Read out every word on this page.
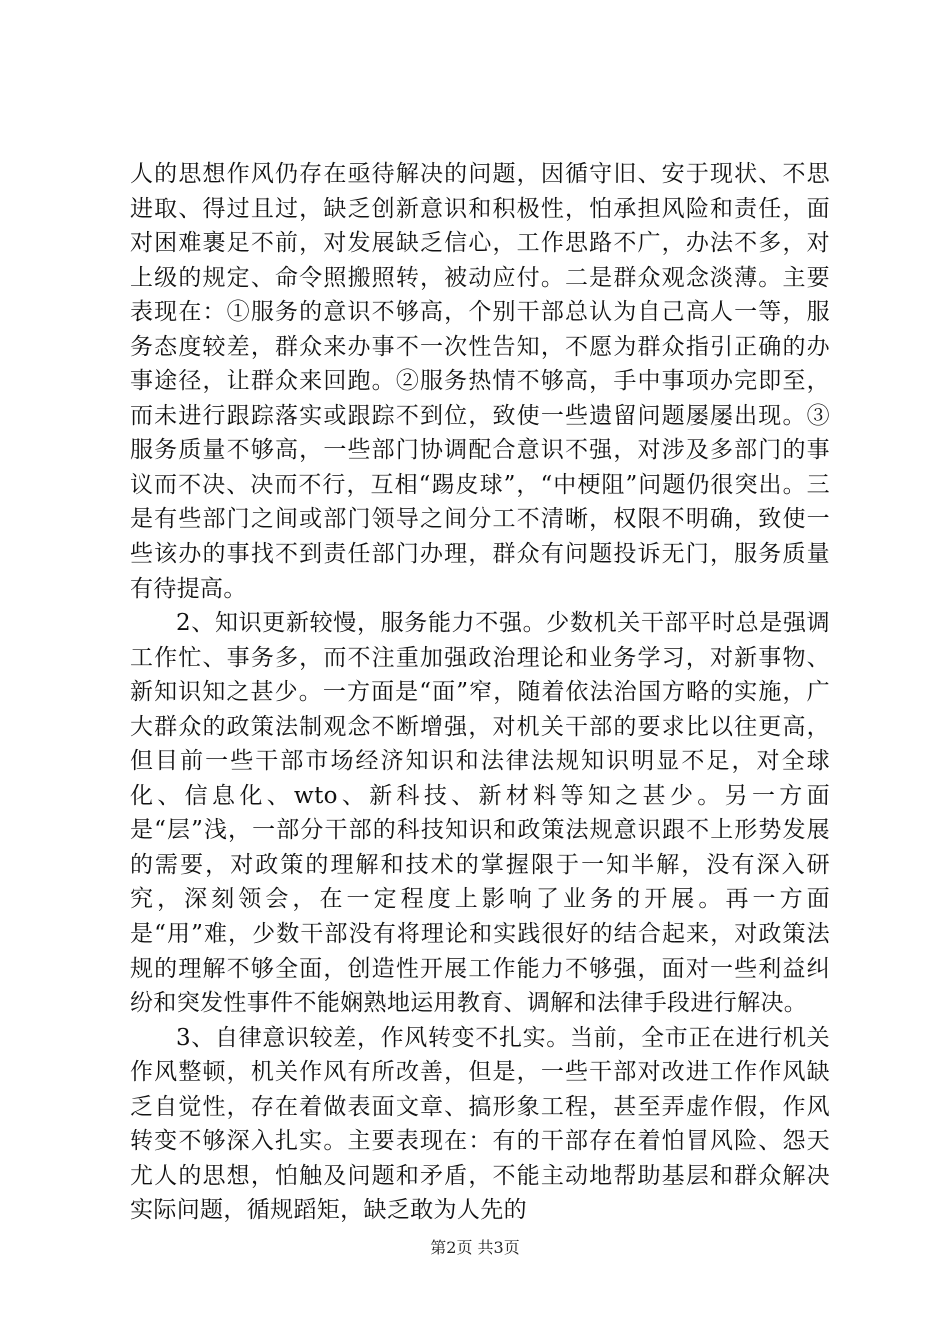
人的思想作风仍存在亟待解决的问题，因循守旧、安于现状、不思进取、得过且过，缺乏创新意识和积极性，怕承担风险和责任，面对困难裹足不前，对发展缺乏信心，工作思路不广，办法不多，对上级的规定、命令照搬照转，被动应付。二是群众观念淡薄。主要表现在：①服务的意识不够高，个别干部总认为自己高人一等，服务态度较差，群众来办事不一次性告知，不愿为群众指引正确的办事途径，让群众来回跑。②服务热情不够高，手中事项办完即至，而未进行跟踪落实或跟踪不到位，致使一些遗留问题屡屡出现。③服务质量不够高，一些部门协调配合意识不强，对涉及多部门的事议而不决、决而不行，互相“踢皮球”，“中梗阻”问题仍很突出。三是有些部门之间或部门领导之间分工不清晰，权限不明确，致使一些该办的事找不到责任部门办理，群众有问题投诉无门，服务质量有待提高。

2、知识更新较慢，服务能力不强。少数机关干部平时总是强调工作忙、事务多，而不注重加强政治理论和业务学习，对新事物、新知识知之甚少。一方面是“面”窄，随着依法治国方略的实施，广大群众的政策法制观念不断增强，对机关干部的要求比以往更高，但目前一些干部市场经济知识和法律法规知识明显不足，对全球化、信息化、wto、新科技、新材料等知之甚少。另一方面是“层”浅，一部分干部的科技知识和政策法规意识跟不上形势发展的需要，对政策的理解和技术的掌握限于一知半解，没有深入研究，深刻领会，在一定程度上影响了业务的开展。再一方面是“用”难，少数干部没有将理论和实践很好的结合起来，对政策法规的理解不够全面，创造性开展工作能力不够强，面对一些利益纠纷和突发性事件不能娴熟地运用教育、调解和法律手段进行解决。

3、自律意识较差，作风转变不扎实。当前，全市正在进行机关作风整顿，机关作风有所改善，但是，一些干部对改进工作作风缺乏自觉性，存在着做表面文章、搞形象工程，甚至弄虚作假，作风转变不够深入扎实。主要表现在：有的干部存在着怕冒风险、怨天尤人的思想，怕触及问题和矛盾，不能主动地帮助基层和群众解决实际问题，循规蹈矩，缺乏敢为人先的

第2页 共3页
